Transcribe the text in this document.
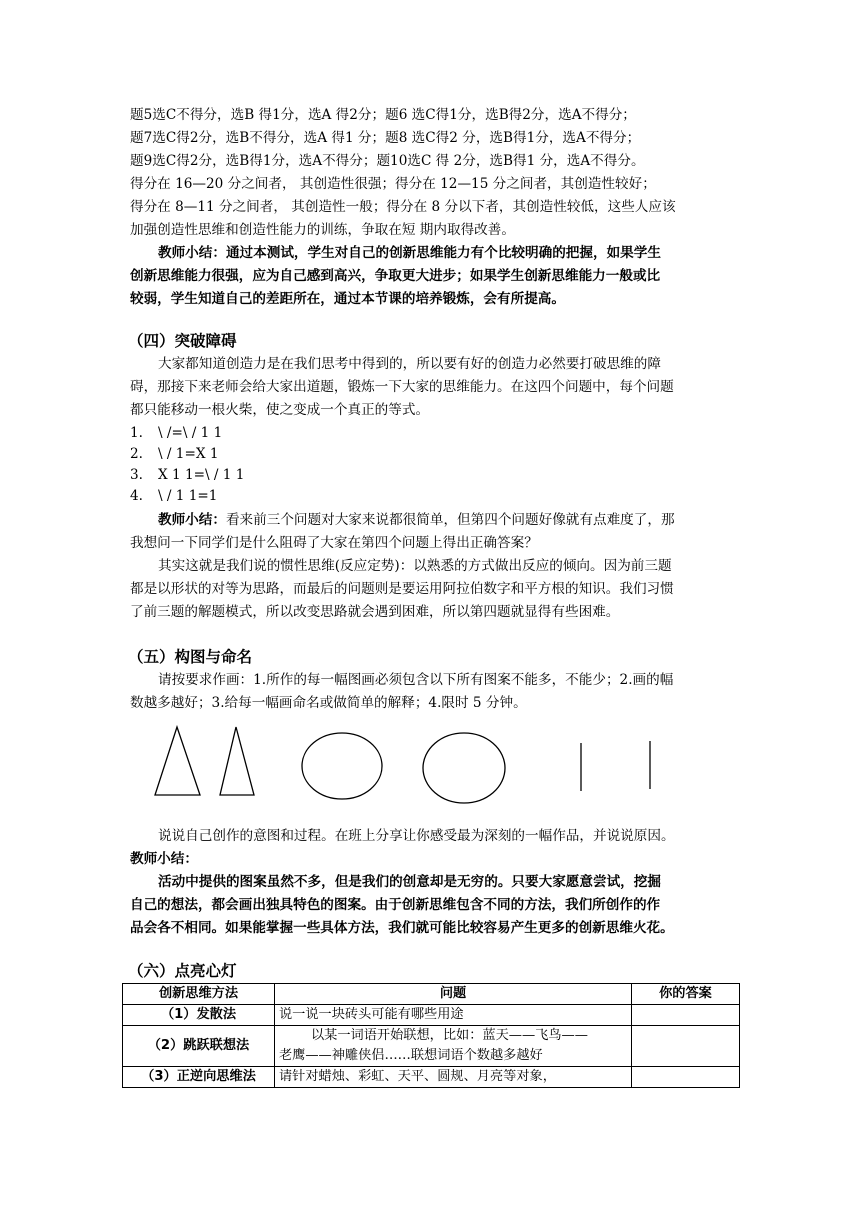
题5选C不得分，选B 得1分，选A 得2分；题6 选C得1分，选B得2分，选A不得分；
题7选C得2分，选B不得分，选A 得1 分；题8 选C得2 分，选B得1分，选A不得分；
题9选C得2分，选B得1分，选A不得分；题10选C 得 2分，选B得1 分，选A不得分。
得分在 16—20 分之间者， 其创造性很强；得分在 12—15 分之间者，其创造性较好；
得分在 8—11 分之间者， 其创造性一般；得分在 8 分以下者，其创造性较低，这些人应该
加强创造性思维和创造性能力的训练，争取在短 期内取得改善。
教师小结：通过本测试，学生对自己的创新思维能力有个比较明确的把握，如果学生
创新思维能力很强，应为自己感到高兴，争取更大进步；如果学生创新思维能力一般或比
较弱，学生知道自己的差距所在，通过本节课的培养锻炼，会有所提高。
（四）突破障碍
大家都知道创造力是在我们思考中得到的，所以要有好的创造力必然要打破思维的障
碍，那接下来老师会给大家出道题，锻炼一下大家的思维能力。在这四个问题中，每个问题
都只能移动一根火柴，使之变成一个真正的等式。
1. \ /=\ / 1 1
2. \ / 1=X 1
3. X 1 1=\ / 1 1
4. \ / 1 1=1
教师小结：看来前三个问题对大家来说都很简单，但第四个问题好像就有点难度了，那
我想问一下同学们是什么阻碍了大家在第四个问题上得出正确答案？
其实这就是我们说的惯性思维(反应定势)：以熟悉的方式做出反应的倾向。因为前三题
都是以形状的对等为思路，而最后的问题则是要运用阿拉伯数字和平方根的知识。我们习惯
了前三题的解题模式，所以改变思路就会遇到困难，所以第四题就显得有些困难。
（五）构图与命名
请按要求作画：1.所作的每一幅图画必须包含以下所有图案不能多，不能少；2.画的幅
数越多越好；3.给每一幅画命名或做简单的解释；4.限时 5 分钟。
说说自己创作的意图和过程。在班上分享让你感受最为深刻的一幅作品，并说说原因。
教师小结：
活动中提供的图案虽然不多，但是我们的创意却是无穷的。只要大家愿意尝试，挖掘
自己的想法，都会画出独具特色的图案。由于创新思维包含不同的方法，我们所创作的作
品会各不相同。如果能掌握一些具体方法，我们就可能比较容易产生更多的创新思维火花。
（六）点亮心灯
创新思维方法	问题	你的答案
（1）发散法	说一说一块砖头可能有哪些用途	
（2）跳跃联想法	以某一词语开始联想，比如：蓝天——飞鸟——
老鹰——神雕侠侣……联想词语个数越多越好	

（3）正逆向思维法	请针对蜡烛、彩虹、天平、圆规、月亮等对象，	
